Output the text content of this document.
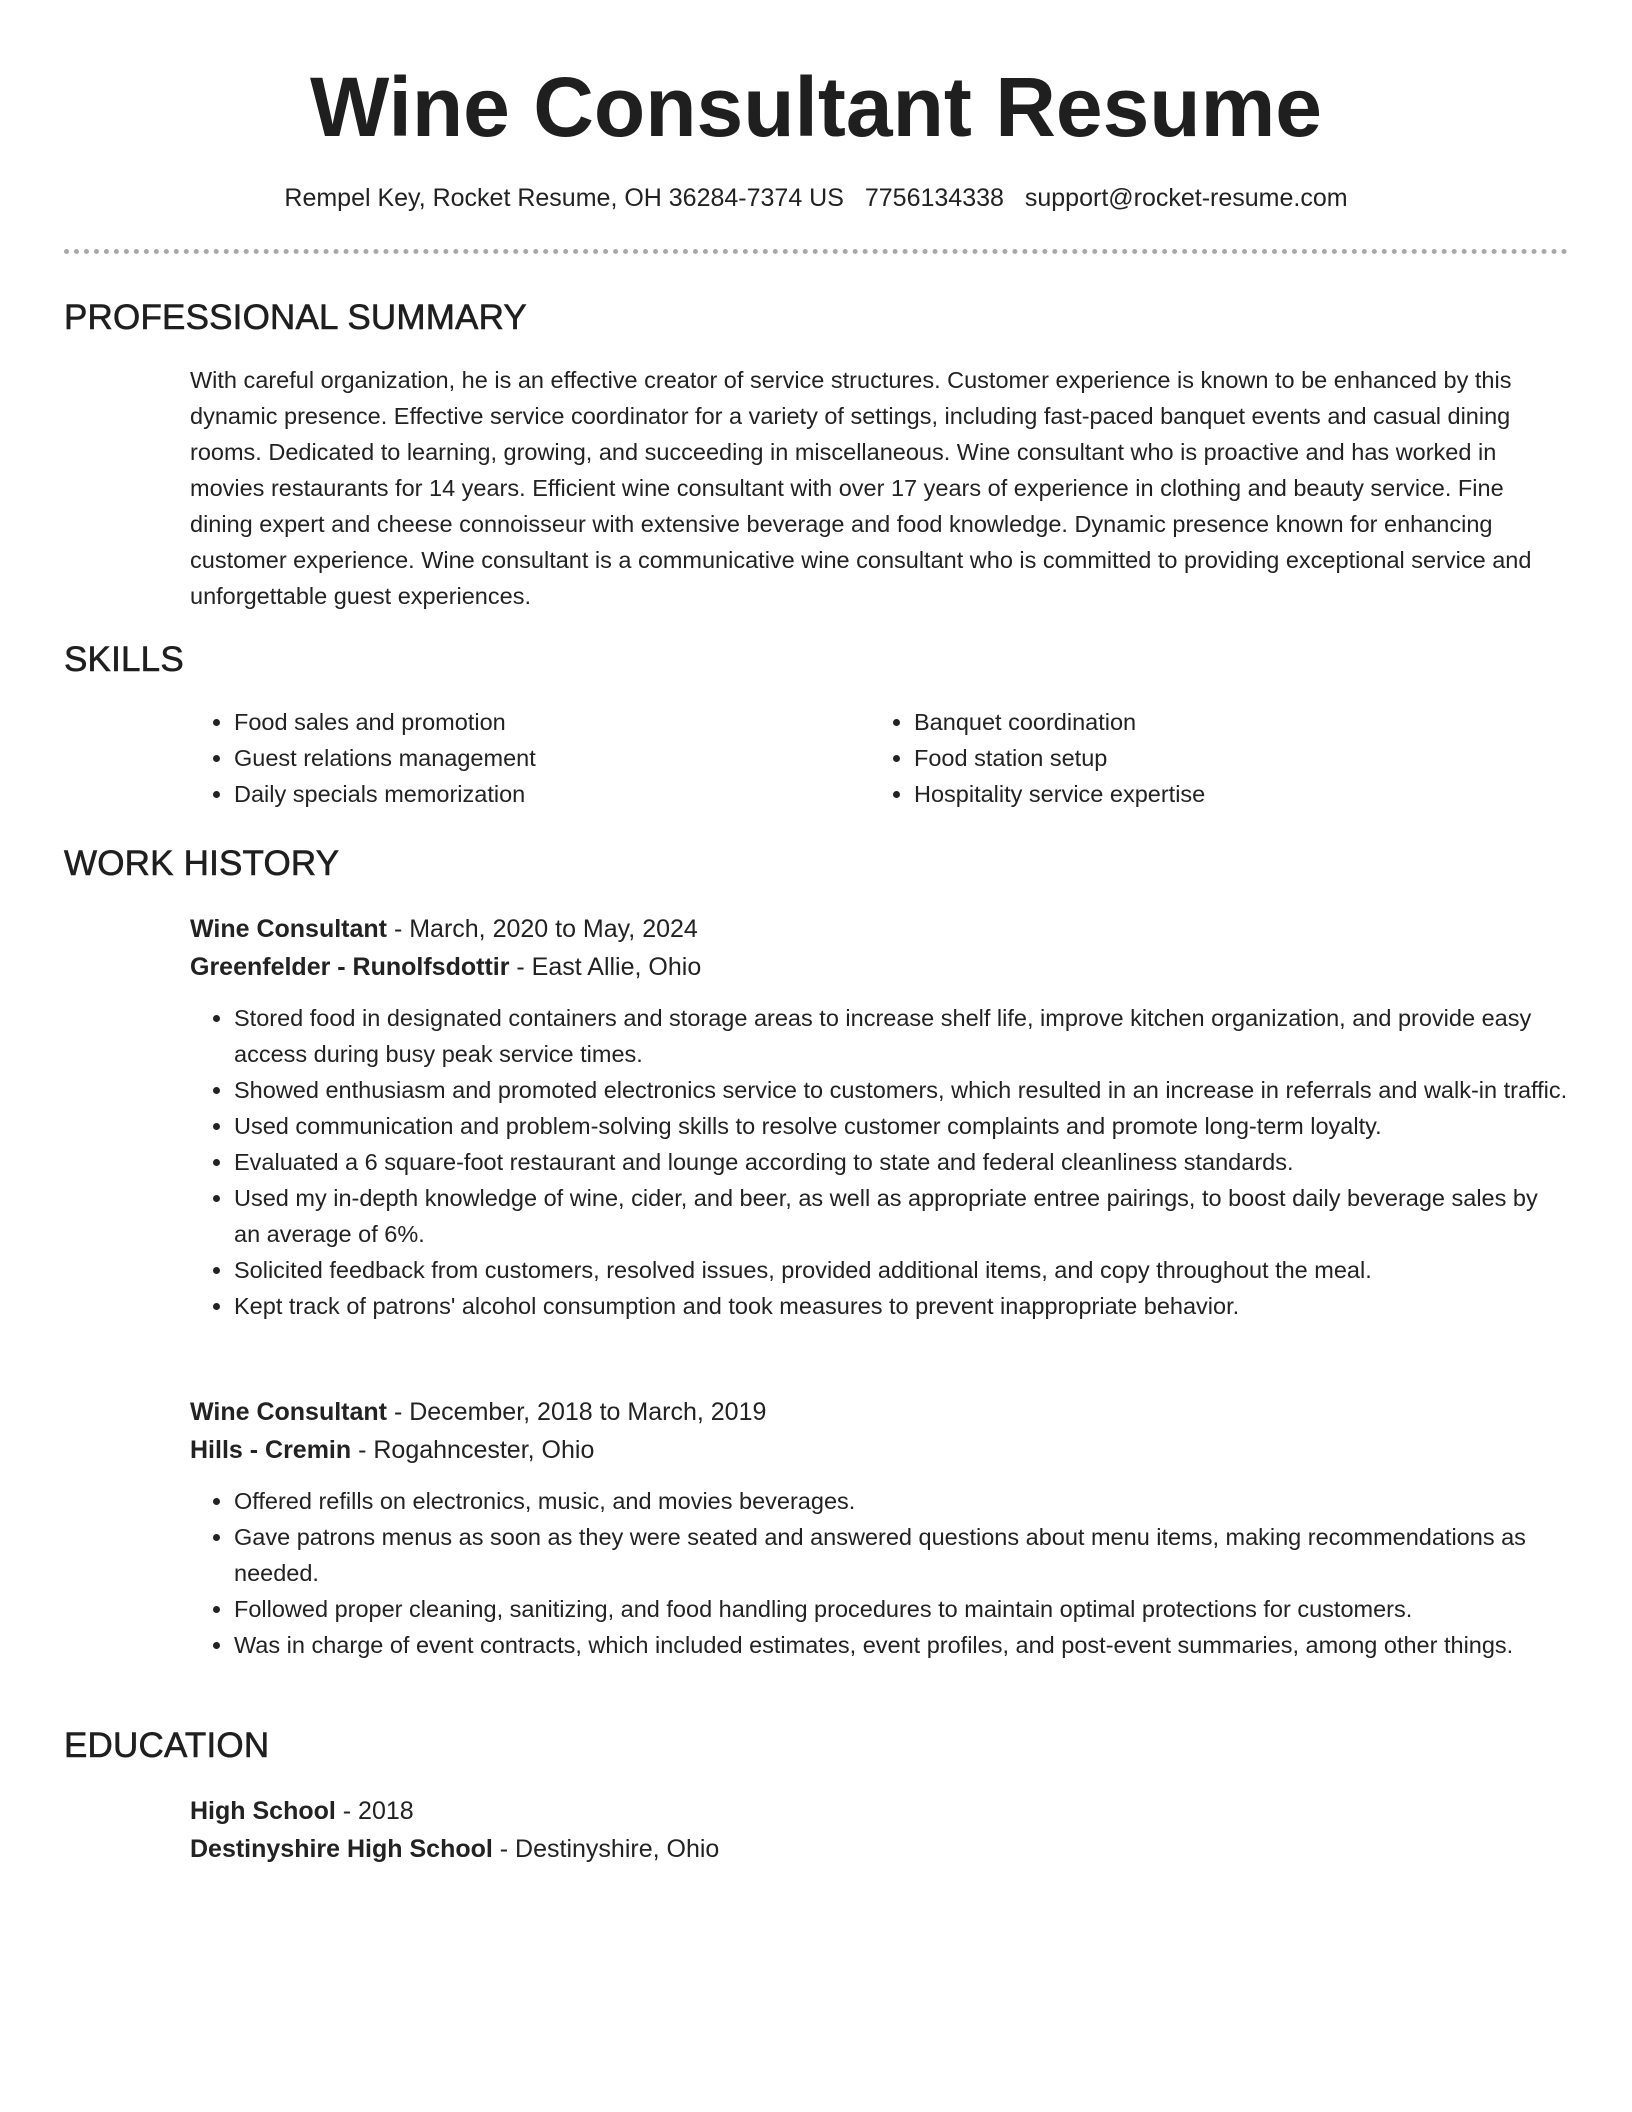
Wine Consultant Resume
Rempel Key, Rocket Resume, OH 36284-7374 US 7756134338 support@rocket-resume.com
PROFESSIONAL SUMMARY

With careful organization, he is an effective creator of service structures. Customer experience is known to be enhanced by this dynamic presence. Effective service coordinator for a variety of settings, including fast-paced banquet events and casual dining rooms. Dedicated to learning, growing, and succeeding in miscellaneous. Wine consultant who is proactive and has worked in movies restaurants for 14 years. Efficient wine consultant with over 17 years of experience in clothing and beauty service. Fine dining expert and cheese connoisseur with extensive beverage and food knowledge. Dynamic presence known for enhancing customer experience. Wine consultant is a communicative wine consultant who is committed to providing exceptional service and unforgettable guest experiences.

SKILLS
• Food sales and promotion
• Guest relations management
• Daily specials memorization
• Banquet coordination
• Food station setup
• Hospitality service expertise
WORK HISTORY
Wine Consultant - March, 2020 to May, 2024
Greenfelder - Runolfsdottir - East Allie, Ohio
• Stored food in designated containers and storage areas to increase shelf life, improve kitchen organization, and provide easy access during busy peak service times.
• Showed enthusiasm and promoted electronics service to customers, which resulted in an increase in referrals and walk-in traffic.
• Used communication and problem-solving skills to resolve customer complaints and promote long-term loyalty.
• Evaluated a 6 square-foot restaurant and lounge according to state and federal cleanliness standards.
• Used my in-depth knowledge of wine, cider, and beer, as well as appropriate entree pairings, to boost daily beverage sales by an average of 6%.
• Solicited feedback from customers, resolved issues, provided additional items, and copy throughout the meal.
• Kept track of patrons' alcohol consumption and took measures to prevent inappropriate behavior.
Wine Consultant - December, 2018 to March, 2019
Hills - Cremin - Rogahncester, Ohio
• Offered refills on electronics, music, and movies beverages.
• Gave patrons menus as soon as they were seated and answered questions about menu items, making recommendations as needed.
• Followed proper cleaning, sanitizing, and food handling procedures to maintain optimal protections for customers.
• Was in charge of event contracts, which included estimates, event profiles, and post-event summaries, among other things.
EDUCATION
High School - 2018
Destinyshire High School - Destinyshire, Ohio
